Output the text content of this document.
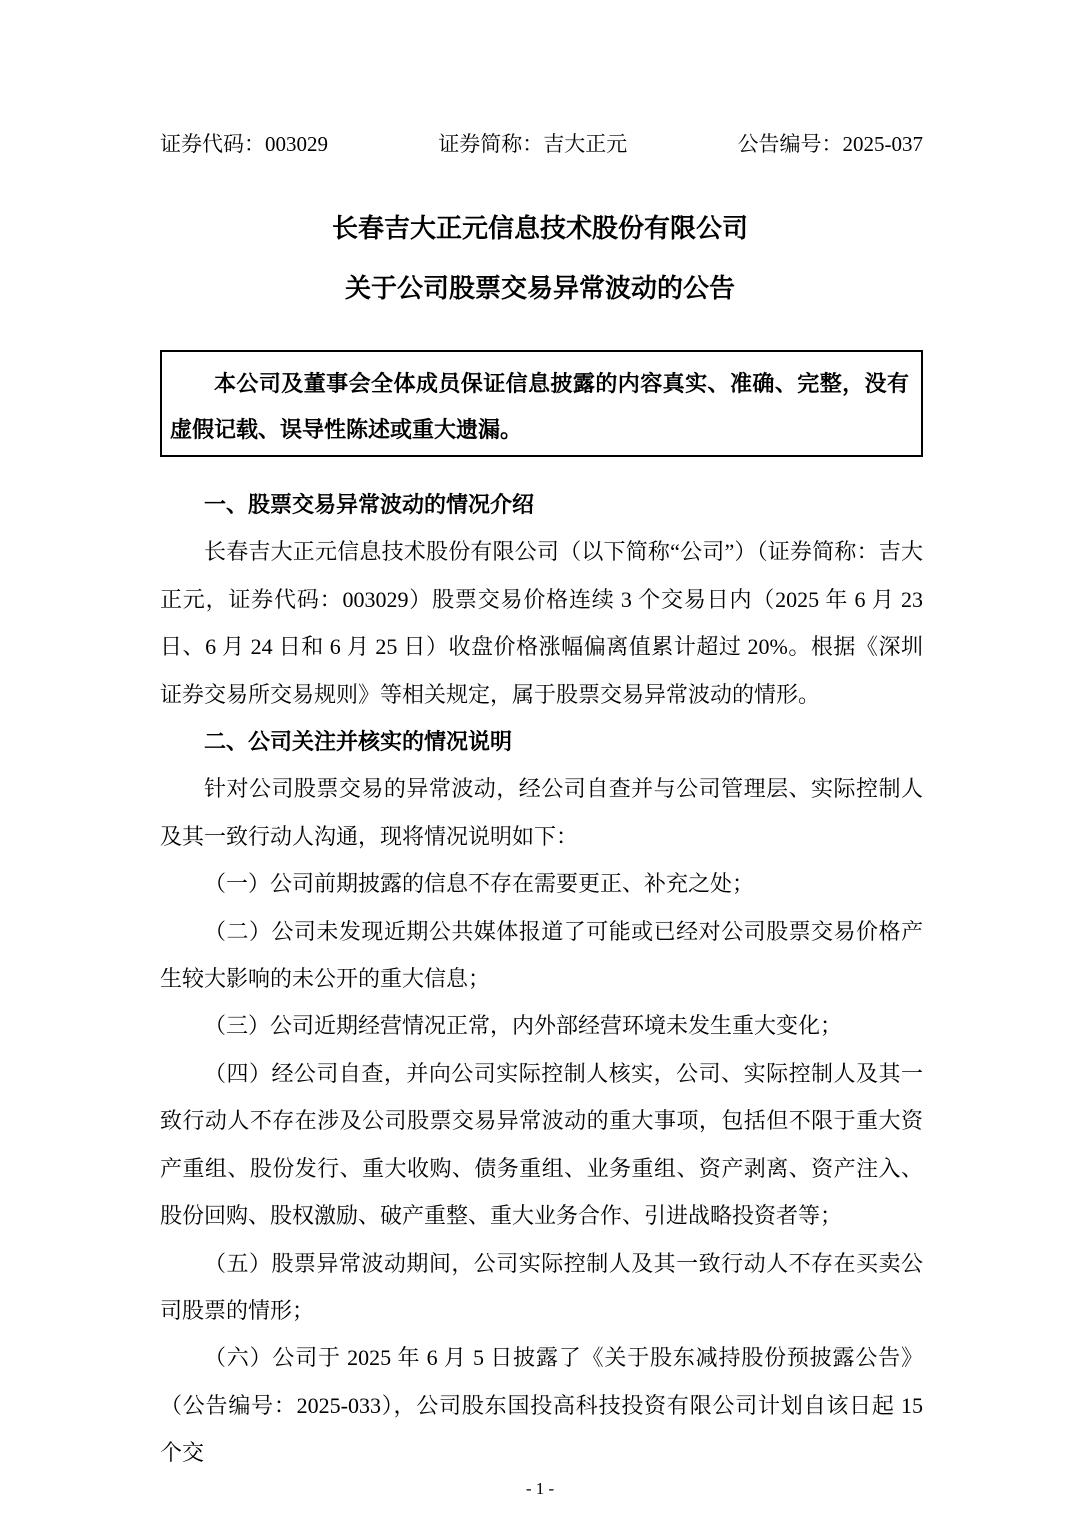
证券代码：003029	证券简称：吉大正元	公告编号：2025-037
长春吉大正元信息技术股份有限公司
关于公司股票交易异常波动的公告

本公司及董事会全体成员保证信息披露的内容真实、准确、完整，没有虚假记载、误导性陈述或重大遗漏。

一、股票交易异常波动的情况介绍

长春吉大正元信息技术股份有限公司（以下简称“公司”）（证券简称：吉大正元，证券代码：003029）股票交易价格连续 3 个交易日内（2025 年 6 月 23 日、6 月 24 日和 6 月 25 日）收盘价格涨幅偏离值累计超过 20%。根据《深圳证券交易所交易规则》等相关规定，属于股票交易异常波动的情形。

二、公司关注并核实的情况说明

针对公司股票交易的异常波动，经公司自查并与公司管理层、实际控制人及其一致行动人沟通，现将情况说明如下：

（一）公司前期披露的信息不存在需要更正、补充之处；

（二）公司未发现近期公共媒体报道了可能或已经对公司股票交易价格产生较大影响的未公开的重大信息；

（三）公司近期经营情况正常，内外部经营环境未发生重大变化；

（四）经公司自查，并向公司实际控制人核实，公司、实际控制人及其一致行动人不存在涉及公司股票交易异常波动的重大事项，包括但不限于重大资产重组、股份发行、重大收购、债务重组、业务重组、资产剥离、资产注入、股份回购、股权激励、破产重整、重大业务合作、引进战略投资者等；

（五）股票异常波动期间，公司实际控制人及其一致行动人不存在买卖公司股票的情形；

（六）公司于 2025 年 6 月 5 日披露了《关于股东减持股份预披露公告》（公告编号：2025-033），公司股东国投高科技投资有限公司计划自该日起 15 个交

- 1 -
